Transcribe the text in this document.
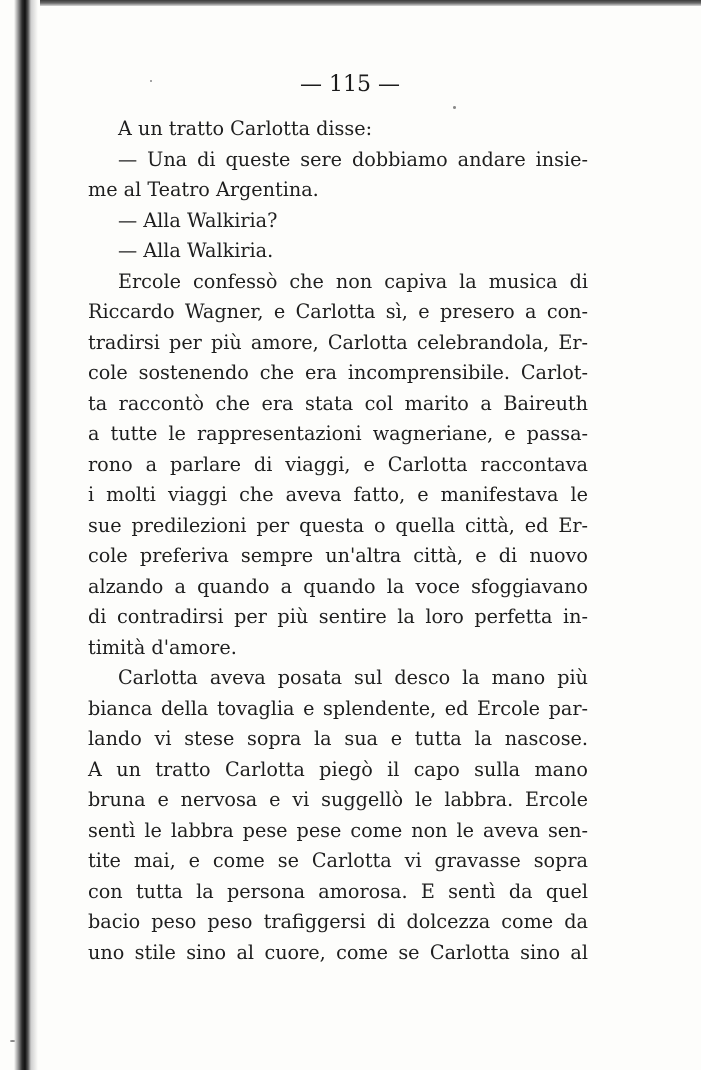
— 115 —
A un tratto Carlotta disse:
— Una di queste sere dobbiamo andare insie-
me al Teatro Argentina.
— Alla Walkiria?
— Alla Walkiria.
Ercole confessò che non capiva la musica di
Riccardo Wagner, e Carlotta sì, e presero a con-
tradirsi per più amore, Carlotta celebrandola, Er-
cole sostenendo che era incomprensibile. Carlot-
ta raccontò che era stata col marito a Baireuth
a tutte le rappresentazioni wagneriane, e passa-
rono a parlare di viaggi, e Carlotta raccontava
i molti viaggi che aveva fatto, e manifestava le
sue predilezioni per questa o quella città, ed Er-
cole preferiva sempre un'altra città, e di nuovo
alzando a quando a quando la voce sfoggiavano
di contradirsi per più sentire la loro perfetta in-
timità d'amore.
Carlotta aveva posata sul desco la mano più
bianca della tovaglia e splendente, ed Ercole par-
lando vi stese sopra la sua e tutta la nascose.
A un tratto Carlotta piegò il capo sulla mano
bruna e nervosa e vi suggellò le labbra. Ercole
sentì le labbra pese pese come non le aveva sen-
tite mai, e come se Carlotta vi gravasse sopra
con tutta la persona amorosa. E sentì da quel
bacio peso peso trafiggersi di dolcezza come da
uno stile sino al cuore, come se Carlotta sino al
